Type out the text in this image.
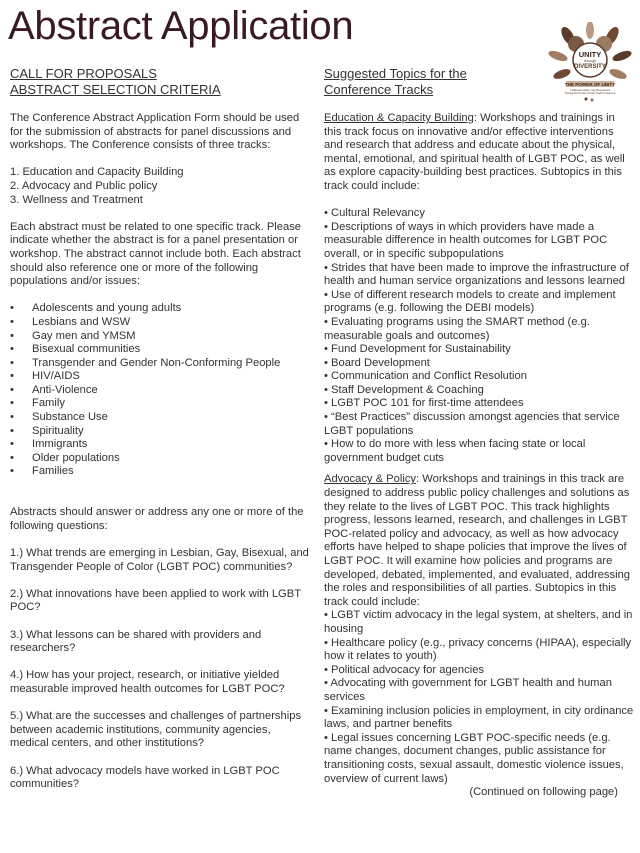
Abstract Application
UNITY
through
DIVERSITY
THE POWER OF UNITY
A National Lesbian, Gay, Bisexual and
Transgender People of Color Health Conference

CALL FOR PROPOSALS

ABSTRACT SELECTION CRITERIA

The Conference Abstract Application Form should be used for the submission of abstracts for panel discussions and workshops. The Conference consists of three tracks:

1. Education and Capacity Building

2. Advocacy and Public policy

3. Wellness and Treatment

Each abstract must be related to one specific track. Please indicate whether the abstract is for a panel presentation or workshop. The abstract cannot include both. Each abstract should also reference one or more of the following populations and/or issues:

• Adolescents and young adults
• Lesbians and WSW
• Gay men and YMSM
• Bisexual communities
• Transgender and Gender Non-Conforming People
• HIV/AIDS
• Anti-Violence
• Family
• Substance Use
• Spirituality
• Immigrants
• Older populations
• Families

Abstracts should answer or address any one or more of the following questions:

1.) What trends are emerging in Lesbian, Gay, Bisexual, and Transgender People of Color (LGBT POC) communities?

2.) What innovations have been applied to work with LGBT POC?

3.) What lessons can be shared with providers and researchers?

4.) How has your project, research, or initiative yielded measurable improved health outcomes for LGBT POC?

5.) What are the successes and challenges of partnerships between academic institutions, community agencies, medical centers, and other institutions?

6.) What advocacy models have worked in LGBT POC communities?

Suggested Topics for the

Conference Tracks

Education & Capacity Building: Workshops and trainings in this track focus on innovative and/or effective interventions and research that address and educate about the physical, mental, emotional, and spiritual health of LGBT POC, as well as explore capacity-building best practices. Subtopics in this track could include:

• Cultural Relevancy

• Descriptions of ways in which providers have made a measurable difference in health outcomes for LGBT POC overall, or in specific subpopulations

• Strides that have been made to improve the infrastructure of health and human service organizations and lessons learned

• Use of different research models to create and implement programs (e.g. following the DEBI models)

• Evaluating programs using the SMART method (e.g. measurable goals and outcomes)

• Fund Development for Sustainability

• Board Development

• Communication and Conflict Resolution

• Staff Development & Coaching

• LGBT POC 101 for first-time attendees

• “Best Practices” discussion amongst agencies that service LGBT populations

• How to do more with less when facing state or local government budget cuts

Advocacy & Policy: Workshops and trainings in this track are designed to address public policy challenges and solutions as they relate to the lives of LGBT POC. This track highlights progress, lessons learned, research, and challenges in LGBT POC-related policy and advocacy, as well as how advocacy efforts have helped to shape policies that improve the lives of LGBT POC. It will examine how policies and programs are developed, debated, implemented, and evaluated, addressing the roles and responsibilities of all parties. Subtopics in this track could include:

• LGBT victim advocacy in the legal system, at shelters, and in housing

• Healthcare policy (e.g., privacy concerns (HIPAA), especially how it relates to youth)

• Political advocacy for agencies

• Advocating with government for LGBT health and human services

• Examining inclusion policies in employment, in city ordinance laws, and partner benefits

• Legal issues concerning LGBT POC-specific needs (e.g. name changes, document changes, public assistance for transitioning costs, sexual assault, domestic violence issues, overview of current laws)

(Continued on following page)
